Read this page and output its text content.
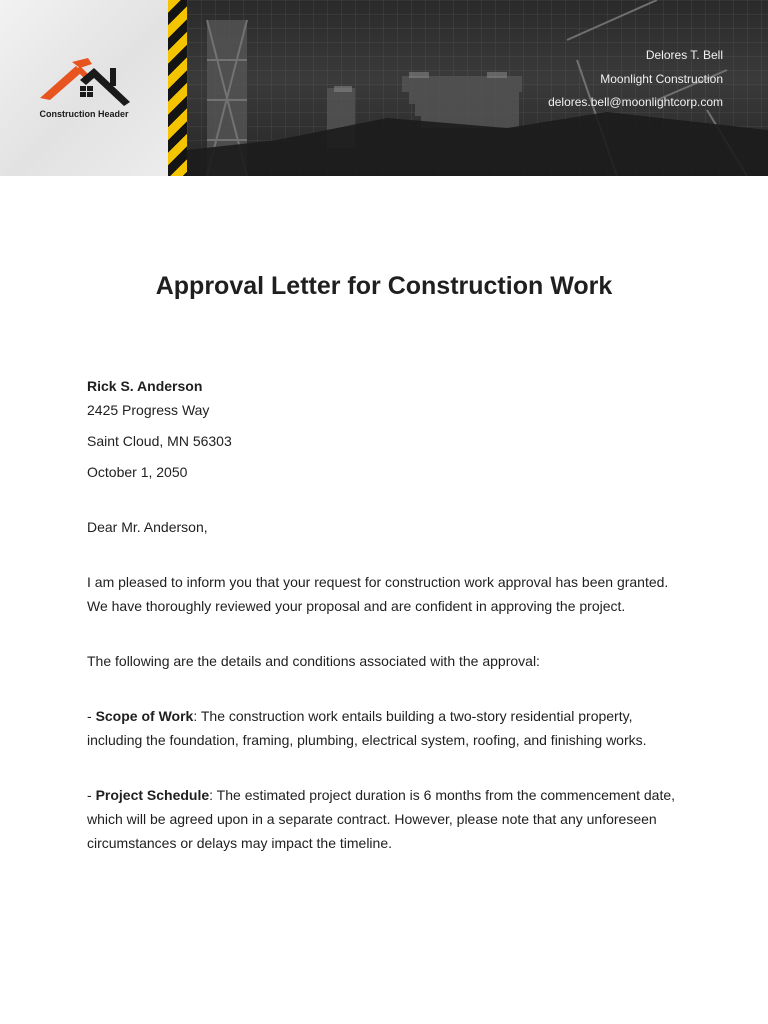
Construction Header
Delores T. Bell
Moonlight Construction
delores.bell@moonlightcorp.com
Approval Letter for Construction Work

Rick S. Anderson

2425 Progress Way

Saint Cloud, MN 56303

October 1, 2050

Dear Mr. Anderson,

I am pleased to inform you that your request for construction work approval has been granted. We have thoroughly reviewed your proposal and are confident in approving the project.

The following are the details and conditions associated with the approval:

- Scope of Work: The construction work entails building a two-story residential property, including the foundation, framing, plumbing, electrical system, roofing, and finishing works.

- Project Schedule: The estimated project duration is 6 months from the commencement date, which will be agreed upon in a separate contract. However, please note that any unforeseen circumstances or delays may impact the timeline.
